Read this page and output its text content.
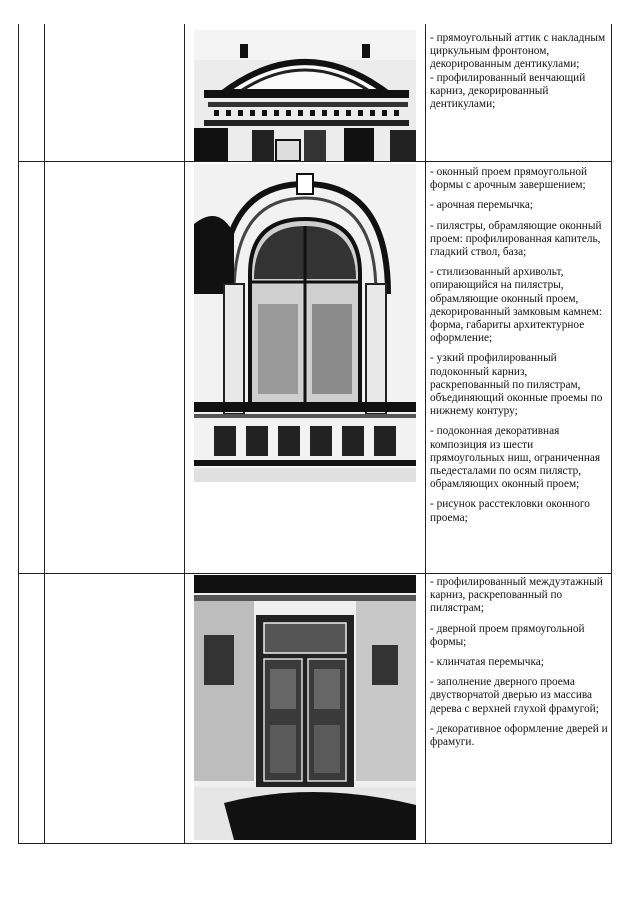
- прямоугольный аттик с накладным циркульным фронтоном, декорированным дентикулами;
- профилированный венчающий карниз, декорированный дентикулами;
- оконный проем прямоугольной формы с арочным завершением;
- арочная перемычка;
- пилястры, обрамляющие оконный проем: профилированная капитель, гладкий ствол, база;
- стилизованный архивольт, опирающийся на пилястры, обрамляющие оконный проем, декорированный замковым камнем: форма, габариты архитектурное оформление;
- узкий профилированный подоконный карниз, раскрепованный по пилястрам, объединяющий оконные проемы по нижнему контуру;
- подоконная декоративная композиция из шести прямоугольных ниш, ограниченная пьедесталами по осям пилястр, обрамляющих оконный проем;
- рисунок расстекловки оконного проема;
- профилированный междуэтажный карниз, раскрепованный по пилястрам;
- дверной проем прямоугольной формы;
- клинчатая перемычка;
- заполнение дверного проема двустворчатой дверью из массива дерева с верхней глухой фрамугой;
- декоративное оформление дверей и фрамуги.
